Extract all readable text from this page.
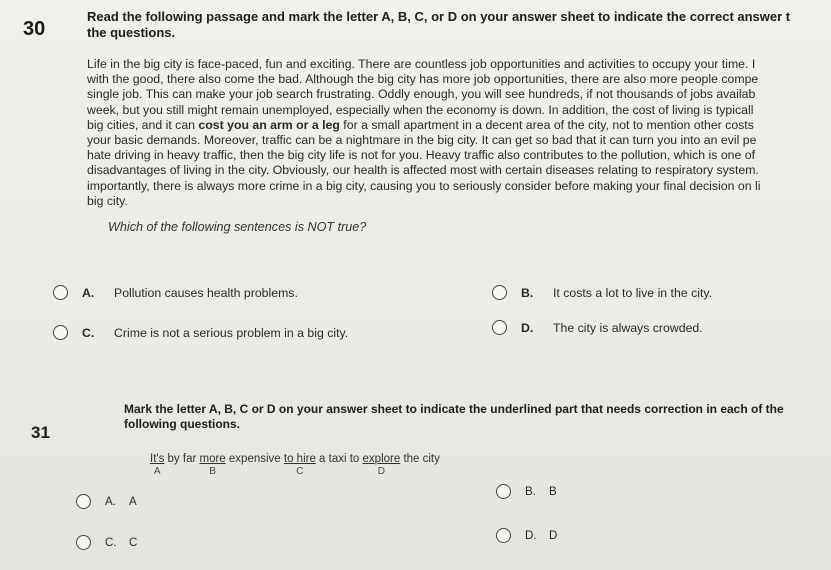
30
Read the following passage and mark the letter A, B, C, or D on your answer sheet to indicate the correct answer t
the questions.
Life in the big city is face-paced, fun and exciting. There are countless job opportunities and activities to occupy your time. I
with the good, there also come the bad. Although the big city has more job opportunities, there are also more people compe
single job. This can make your job search frustrating. Oddly enough, you will see hundreds, if not thousands of jobs availab
week, but you still might remain unemployed, especially when the economy is down. In addition, the cost of living is typicall
big cities, and it can cost you an arm or a leg for a small apartment in a decent area of the city, not to mention other costs
your basic demands. Moreover, traffic can be a nightmare in the big city. It can get so bad that it can turn you into an evil pe
hate driving in heavy traffic, then the big city life is not for you. Heavy traffic also contributes to the pollution, which is one of
disadvantages of living in the city. Obviously, our health is affected most with certain diseases relating to respiratory system.
importantly, there is always more crime in a big city, causing you to seriously consider before making your final decision on li
big city.
Which of the following sentences is NOT true?
A.	Pollution causes health problems.	B.	It costs a lot to live in the city.
C.	Crime is not a serious problem in a big city.	D.	The city is always crowded.
31
Mark the letter A, B, C or D on your answer sheet to indicate the underlined part that needs correction in each of the
following questions.
$\frac{It's}{A}$ by far more
B
expensive to hire
C
a taxi to explore
D
the city
A.	A
B.	B
C.	C
D.	D
